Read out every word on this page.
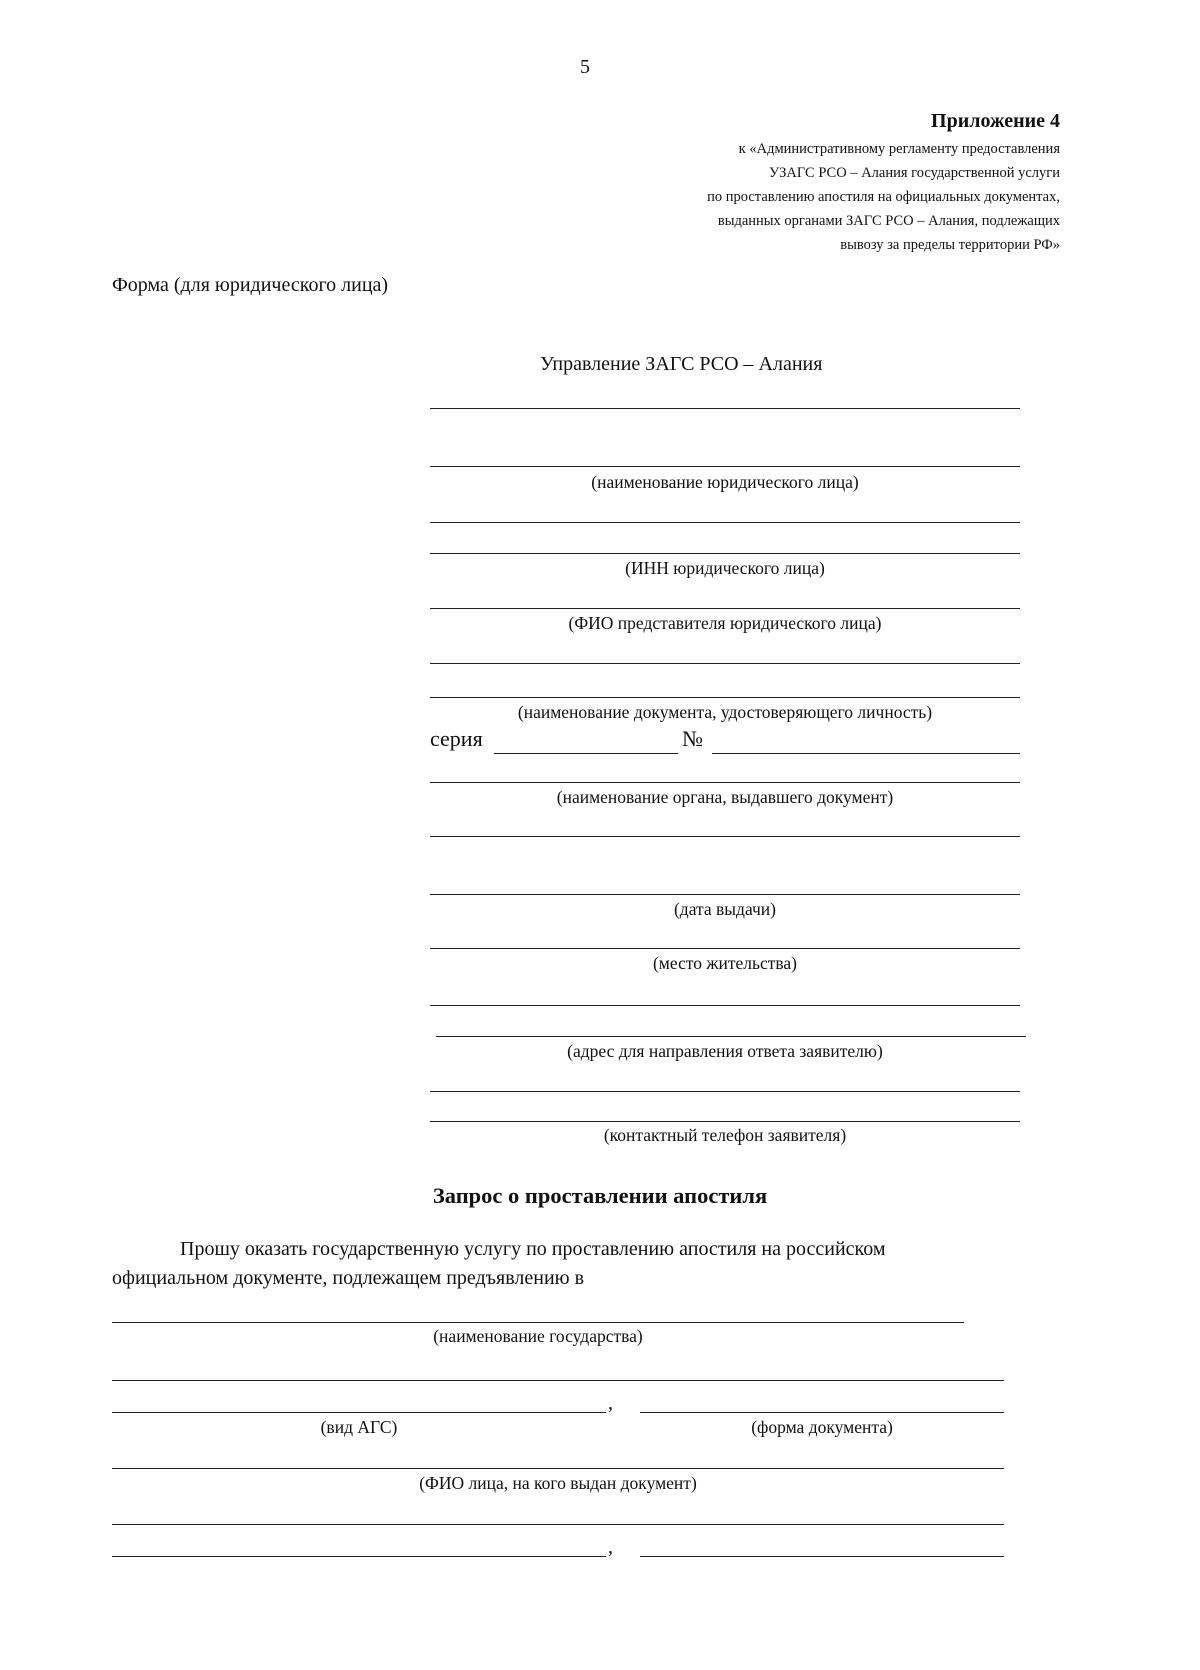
5
Приложение 4
к «Административному регламенту предоставления
УЗАГС РСО – Алания государственной услуги
по проставлению апостиля на официальных документах,
выданных органами ЗАГС РСО – Алания, подлежащих
вывозу за пределы территории РФ»
Форма (для юридического лица)
Управление ЗАГС РСО – Алания
(наименование юридического лица)
(ИНН юридического лица)
(ФИО представителя юридического лица)
(наименование документа, удостоверяющего личность)
серия	№
(наименование органа, выдавшего документ)
(дата выдачи)
(место жительства)
(адрес для направления ответа заявителю)
(контактный телефон заявителя)
Запрос о проставлении апостиля
Прошу оказать государственную услугу по проставлению апостиля на российском
официальном документе, подлежащем предъявлению в
(наименование государства)
,
(вид АГС)	(форма документа)
(ФИО лица, на кого выдан документ)
,
